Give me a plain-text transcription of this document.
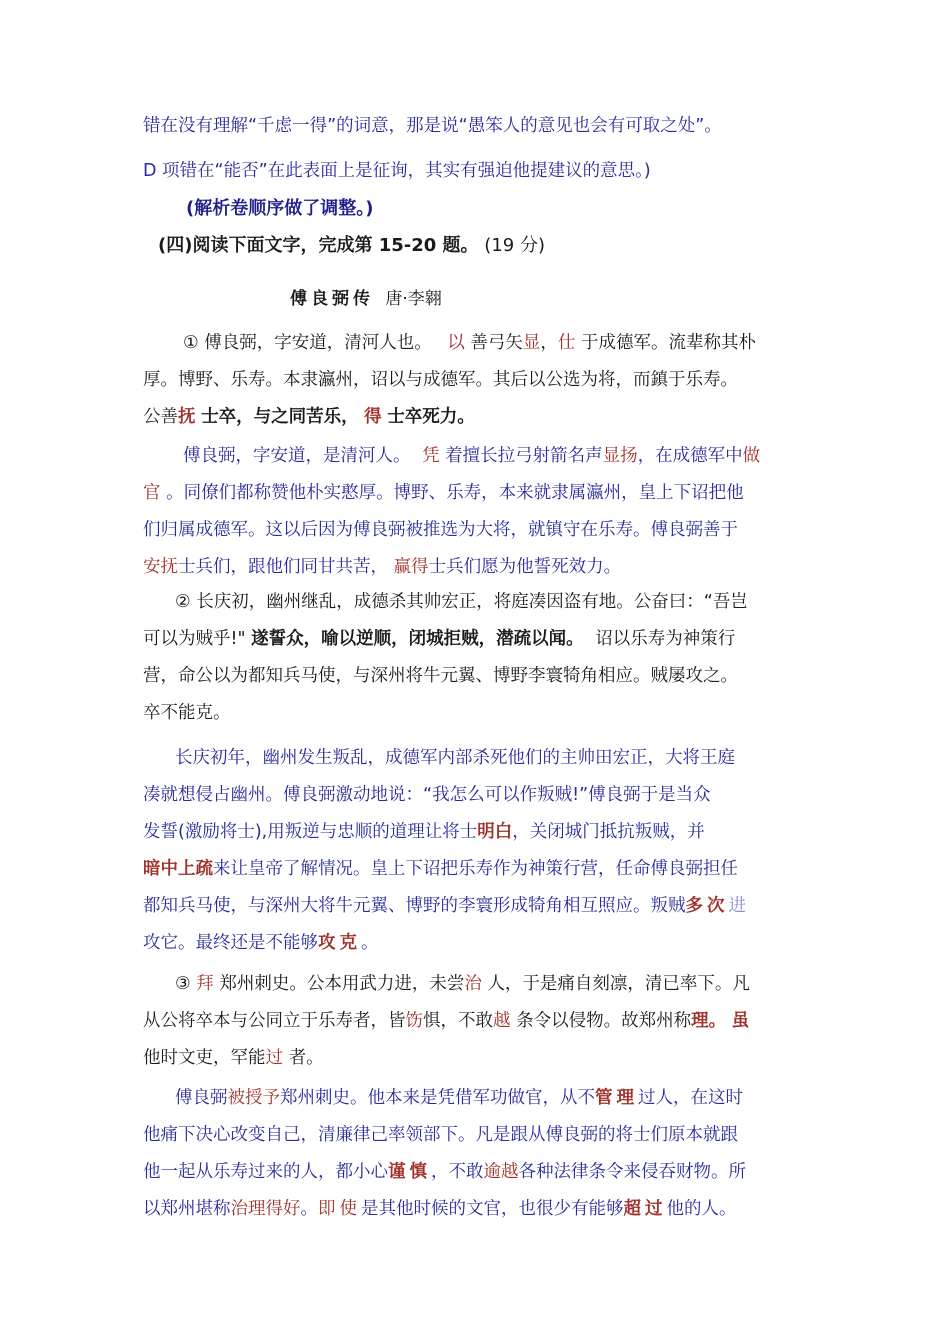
错在没有理解“千虑一得”的词意，那是说“愚笨人的意见也会有可取之处”。
D 项错在“能否”在此表面上是征询，其实有强迫他提建议的意思。)
(解析卷顺序做了调整。)
(四)阅读下面文字，完成第 15-20 题。 (19 分)
傅良弼传 唐·李翱
① 傅良弼，字安道，清河人也。 以 善弓矢显，仕 于成德军。流辈称其朴
厚。博野、乐寿。本隶瀛州，诏以与成德军。其后以公选为将，而鎮于乐寿。
公善抚 士卒，与之同苦乐， 得 士卒死力。
傅良弼，字安道，是清河人。 凭 着擅长拉弓射箭名声显扬，在成德军中做
官 。同僚们都称赞他朴实憨厚。博野、乐寿，本来就隶属瀛州，皇上下诏把他
们归属成德军。这以后因为傅良弼被推选为大将，就镇守在乐寿。傅良弼善于
安抚士兵们，跟他们同甘共苦， 赢得士兵们愿为他誓死效力。
② 长庆初，幽州继乱，成德杀其帅宏正，将庭凑因盗有地。公奋曰：“吾岂
可以为贼乎!" 遂誓众，喻以逆顺，闭城拒贼，潜疏以闻。 诏以乐寿为神策行
营，命公以为都知兵马使，与深州将牛元翼、博野李寰犄角相应。贼屡攻之。
卒不能克。
长庆初年，幽州发生叛乱，成德军内部杀死他们的主帅田宏正，大将王庭
凑就想侵占幽州。傅良弼激动地说：“我怎么可以作叛贼!”傅良弼于是当众
发誓(激励将士),用叛逆与忠顺的道理让将士明白，关闭城门抵抗叛贼，并
暗中上疏来让皇帝了解情况。皇上下诏把乐寿作为神策行营，任命傅良弼担任
都知兵马使，与深州大将牛元翼、博野的李寰形成犄角相互照应。叛贼多次进
攻它。最终还是不能够攻克。
③ 拜 郑州刺史。公本用武力进，未尝治 人，于是痛自刻凛，清已率下。凡
从公将卒本与公同立于乐寿者，皆饬惧，不敢越 条令以侵物。故郑州称理。 虽
他时文吏，罕能过 者。
傅良弼被授予郑州刺史。他本来是凭借军功做官，从不管理过人，在这时
他痛下决心改变自己，清廉律己率领部下。凡是跟从傅良弼的将士们原本就跟
他一起从乐寿过来的人，都小心谨慎，不敢逾越各种法律条令来侵吞财物。所
以郑州堪称治理得好。即使是其他时候的文官，也很少有能够超过他的人。
